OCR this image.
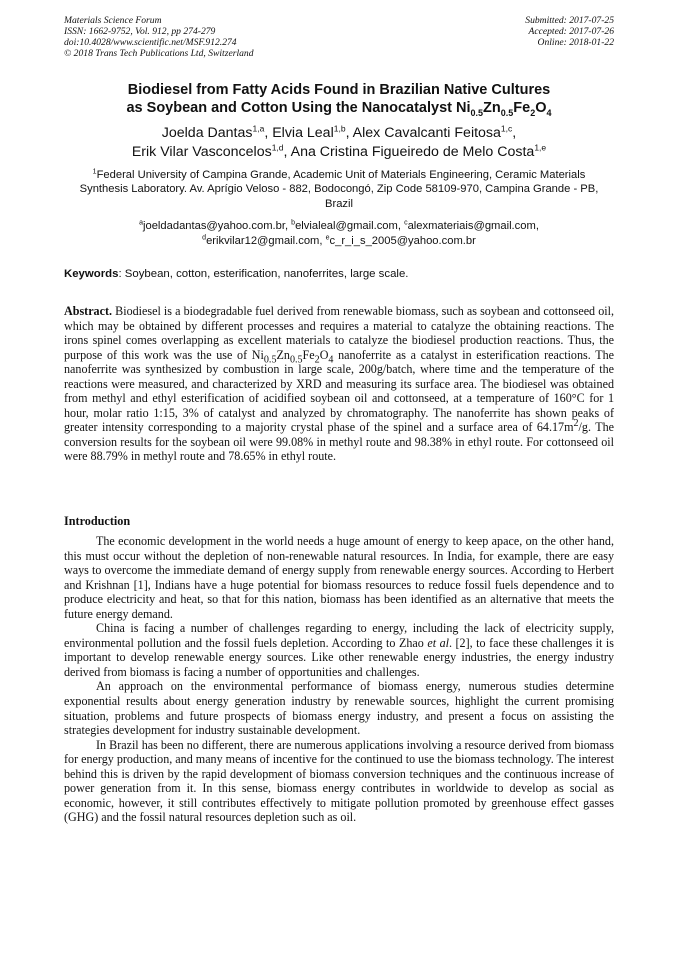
Materials Science Forum
ISSN: 1662-9752, Vol. 912, pp 274-279
doi:10.4028/www.scientific.net/MSF.912.274
© 2018 Trans Tech Publications Ltd, Switzerland
Submitted: 2017-07-25
Accepted: 2017-07-26
Online: 2018-01-22
Biodiesel from Fatty Acids Found in Brazilian Native Cultures
as Soybean and Cotton Using the Nanocatalyst $Ni_{0.5}Zn_{0.5}Fe_2O_4$
Joelda Dantas$^{1,a}$, Elvia Leal$^{1,b}$, Alex Cavalcanti Feitosa$^{1,c}$,
Erik Vilar Vasconcelos$^{1,d}$, Ana Cristina Figueiredo de Melo Costa$^{1,e}$
$^1$Federal University of Campina Grande, Academic Unit of Materials Engineering, Ceramic Materials Synthesis Laboratory. Av. Aprígio Veloso - 882, Bodocongó, Zip Code 58109-970, Campina Grande - PB, Brazil
$^a$joeldadantas@yahoo.com.br, $^b$elvialeal@gmail.com, $^c$alexmateriais@gmail.com,
$^d$erikvilar12@gmail.com, $^e$c_r_i_s_2005@yahoo.com.br
Keywords: Soybean, cotton, esterification, nanoferrites, large scale.

Abstract. Biodiesel is a biodegradable fuel derived from renewable biomass, such as soybean and cottonseed oil, which may be obtained by different processes and requires a material to catalyze the obtaining reactions. The irons spinel comes overlapping as excellent materials to catalyze the biodiesel production reactions. Thus, the purpose of this work was the use of $Ni_{0.5}Zn_{0.5}Fe_2O_4$ nanoferrite as a catalyst in esterification reactions. The nanoferrite was synthesized by combustion in large scale, 200g/batch, where time and the temperature of the reactions were measured, and characterized by XRD and measuring its surface area. The biodiesel was obtained from methyl and ethyl esterification of acidified soybean oil and cottonseed, at a temperature of 160°C for 1 hour, molar ratio 1:15, 3% of catalyst and analyzed by chromatography. The nanoferrite has shown peaks of greater intensity corresponding to a majority crystal phase of the spinel and a surface area of $64.17m^2/g$. The conversion results for the soybean oil were 99.08% in methyl route and 98.38% in ethyl route. For cottonseed oil were 88.79% in methyl route and 78.65% in ethyl route.

Introduction

The economic development in the world needs a huge amount of energy to keep apace, on the other hand, this must occur without the depletion of non-renewable natural resources. In India, for example, there are easy ways to overcome the immediate demand of energy supply from renewable energy sources. According to Herbert and Krishnan [1], Indians have a huge potential for biomass resources to reduce fossil fuels dependence and to produce electricity and heat, so that for this nation, biomass has been identified as an alternative that meets the future energy demand.

China is facing a number of challenges regarding to energy, including the lack of electricity supply, environmental pollution and the fossil fuels depletion. According to Zhao et al. [2], to face these challenges it is important to develop renewable energy sources. Like other renewable energy industries, the energy industry derived from biomass is facing a number of opportunities and challenges.

An approach on the environmental performance of biomass energy, numerous studies determine exponential results about energy generation industry by renewable sources, highlight the current promising situation, problems and future prospects of biomass energy industry, and present a focus on assisting the strategies development for industry sustainable development.

In Brazil has been no different, there are numerous applications involving a resource derived from biomass for energy production, and many means of incentive for the continued to use the biomass technology. The interest behind this is driven by the rapid development of biomass conversion techniques and the continuous increase of power generation from it. In this sense, biomass energy contributes in worldwide to develop as social as economic, however, it still contributes effectively to mitigate pollution promoted by greenhouse effect gasses (GHG) and the fossil natural resources depletion such as oil.
